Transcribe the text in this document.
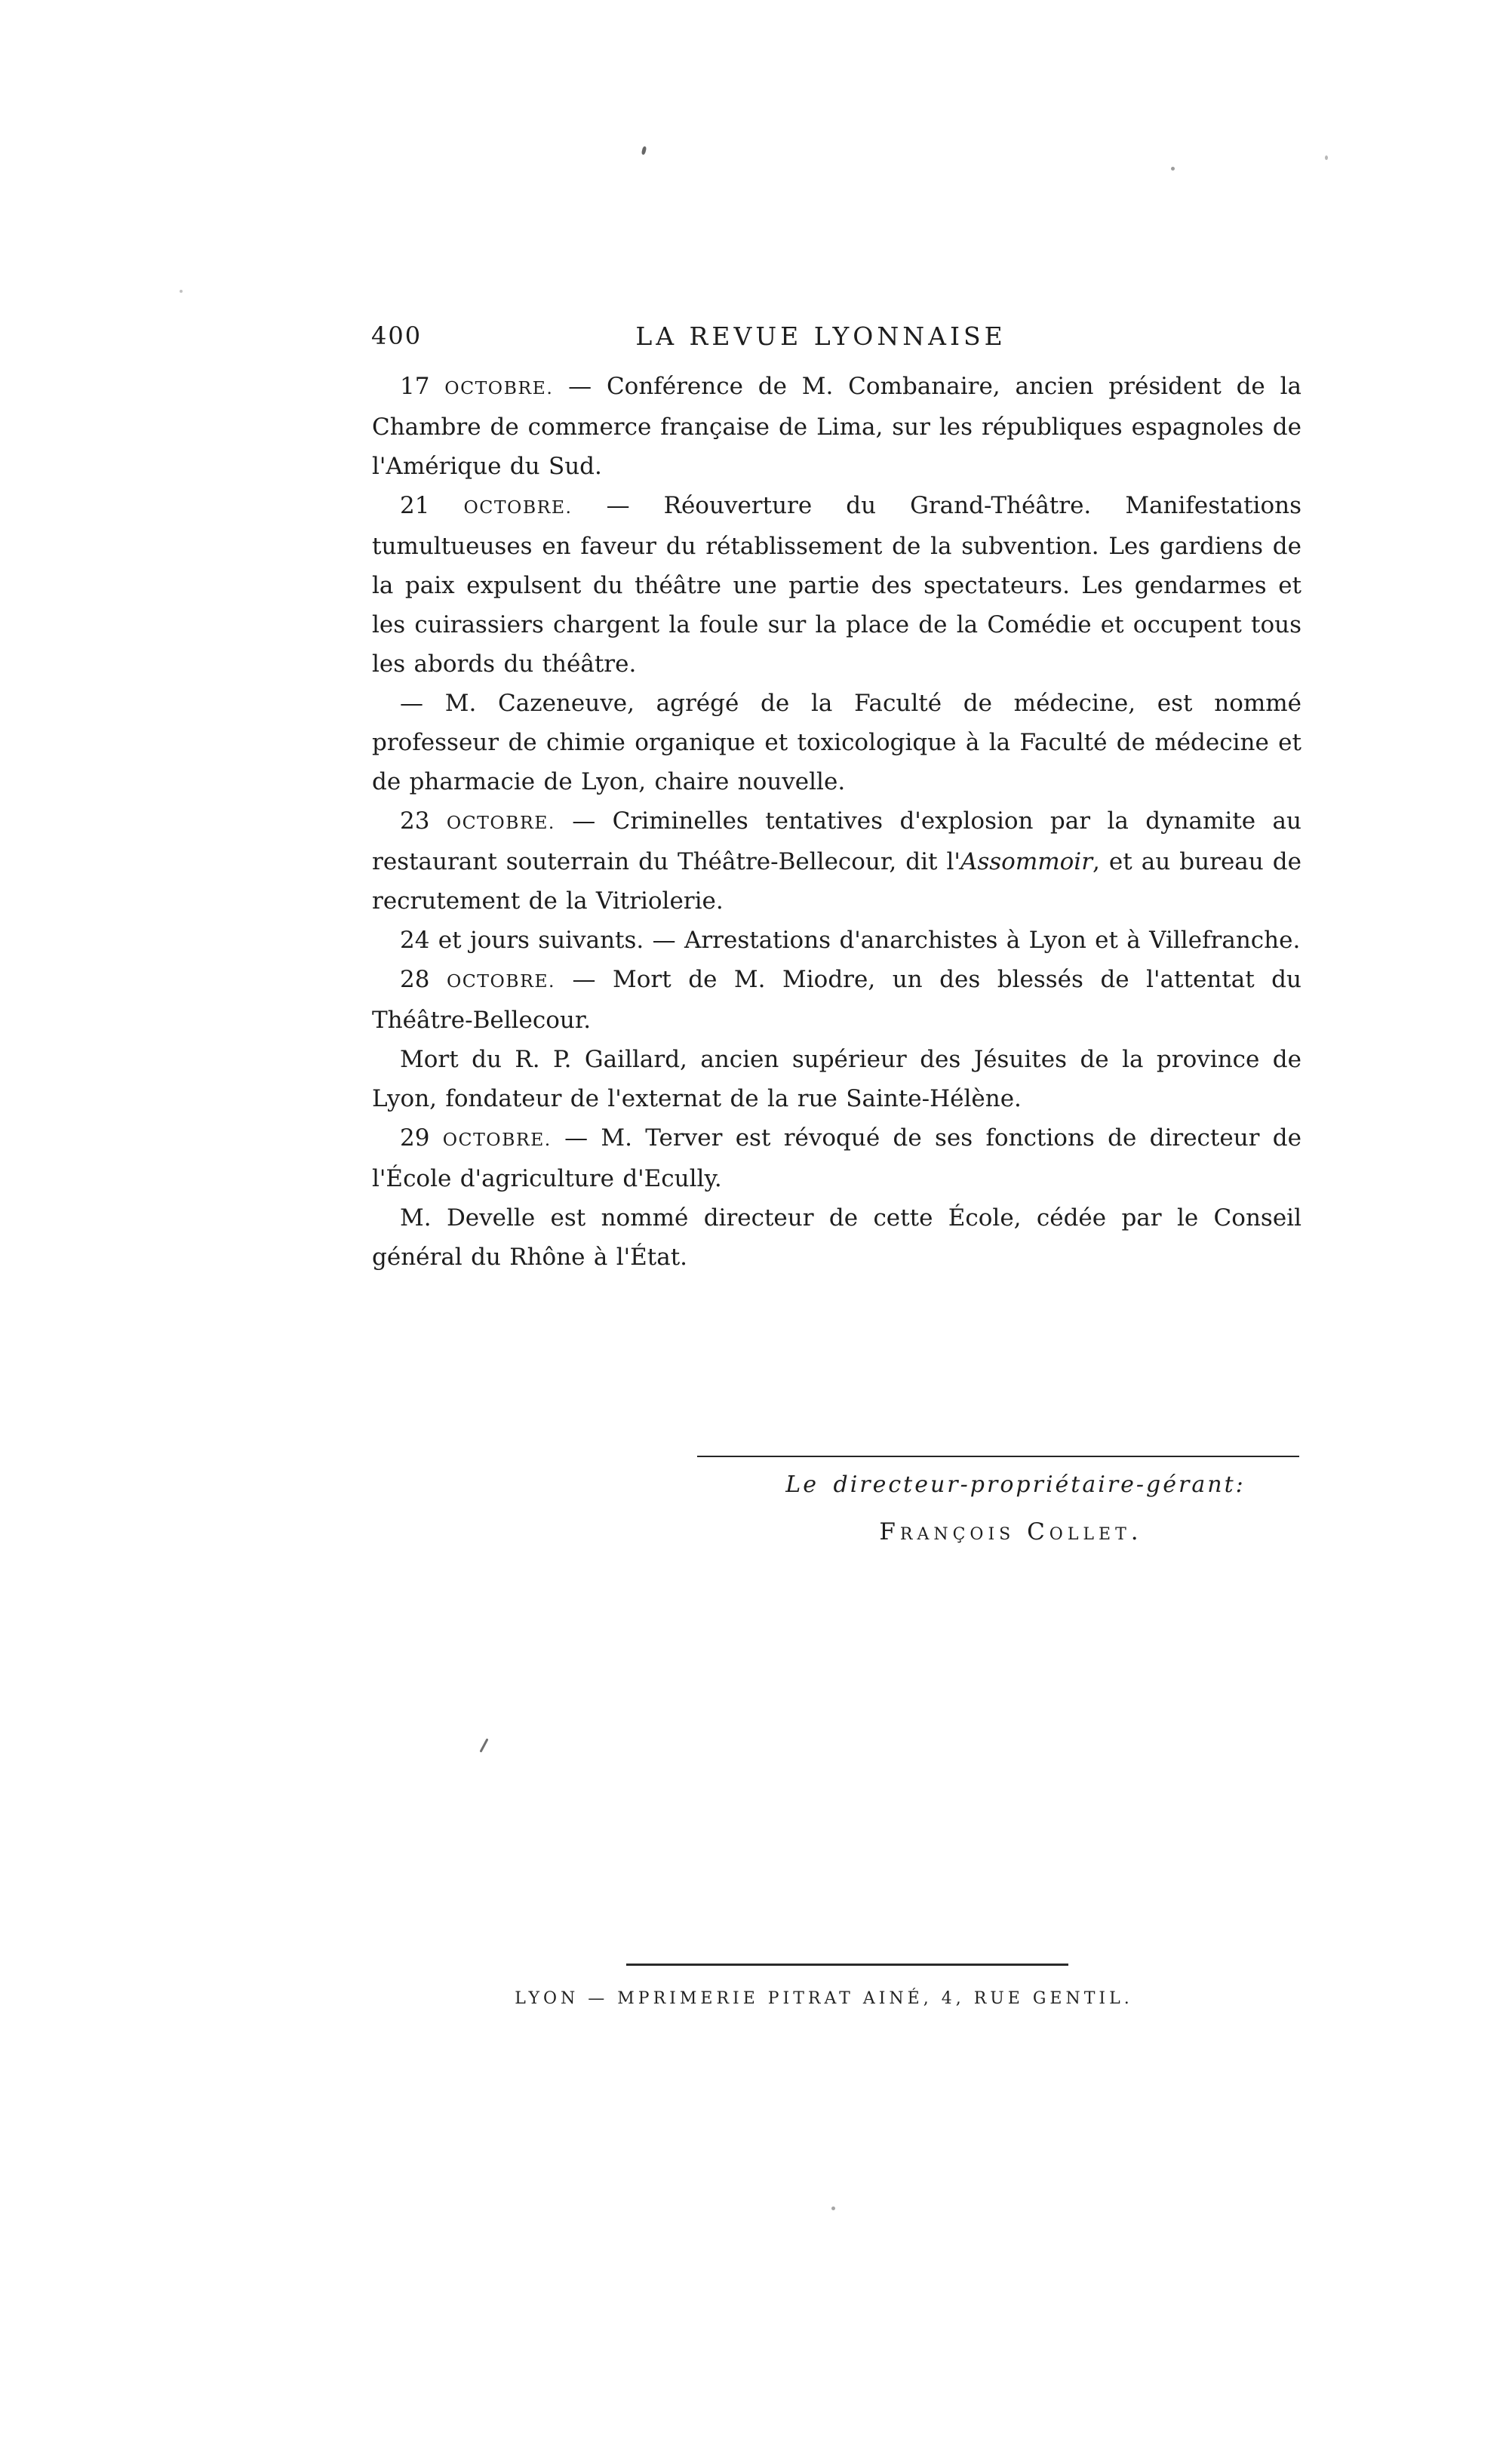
400	LA REVUE LYONNAISE

17 OCTOBRE. — Conférence de M. Combanaire, ancien président de la Chambre de commerce française de Lima, sur les républiques espagnoles de l'Amérique du Sud.

21 OCTOBRE. — Réouverture du Grand-Théâtre. Manifestations tumultueuses en faveur du rétablissement de la subvention. Les gardiens de la paix expulsent du théâtre une partie des spectateurs. Les gendarmes et les cuirassiers chargent la foule sur la place de la Comédie et occupent tous les abords du théâtre.

— M. Cazeneuve, agrégé de la Faculté de médecine, est nommé professeur de chimie organique et toxicologique à la Faculté de médecine et de pharmacie de Lyon, chaire nouvelle.

23 OCTOBRE. — Criminelles tentatives d'explosion par la dynamite au restaurant souterrain du Théâtre-Bellecour, dit l'Assommoir, et au bureau de recrutement de la Vitriolerie.

24 et jours suivants. — Arrestations d'anarchistes à Lyon et à Villefranche.

28 OCTOBRE. — Mort de M. Miodre, un des blessés de l'attentat du Théâtre-Bellecour.

Mort du R. P. Gaillard, ancien supérieur des Jésuites de la province de Lyon, fondateur de l'externat de la rue Sainte-Hélène.

29 OCTOBRE. — M. Terver est révoqué de ses fonctions de directeur de l'École d'agriculture d'Ecully.

M. Develle est nommé directeur de cette École, cédée par le Conseil général du Rhône à l'État.

Le directeur-propriétaire-gérant:
François Collet.
LYON — MPRIMERIE PITRAT AINÉ, 4, RUE GENTIL.
